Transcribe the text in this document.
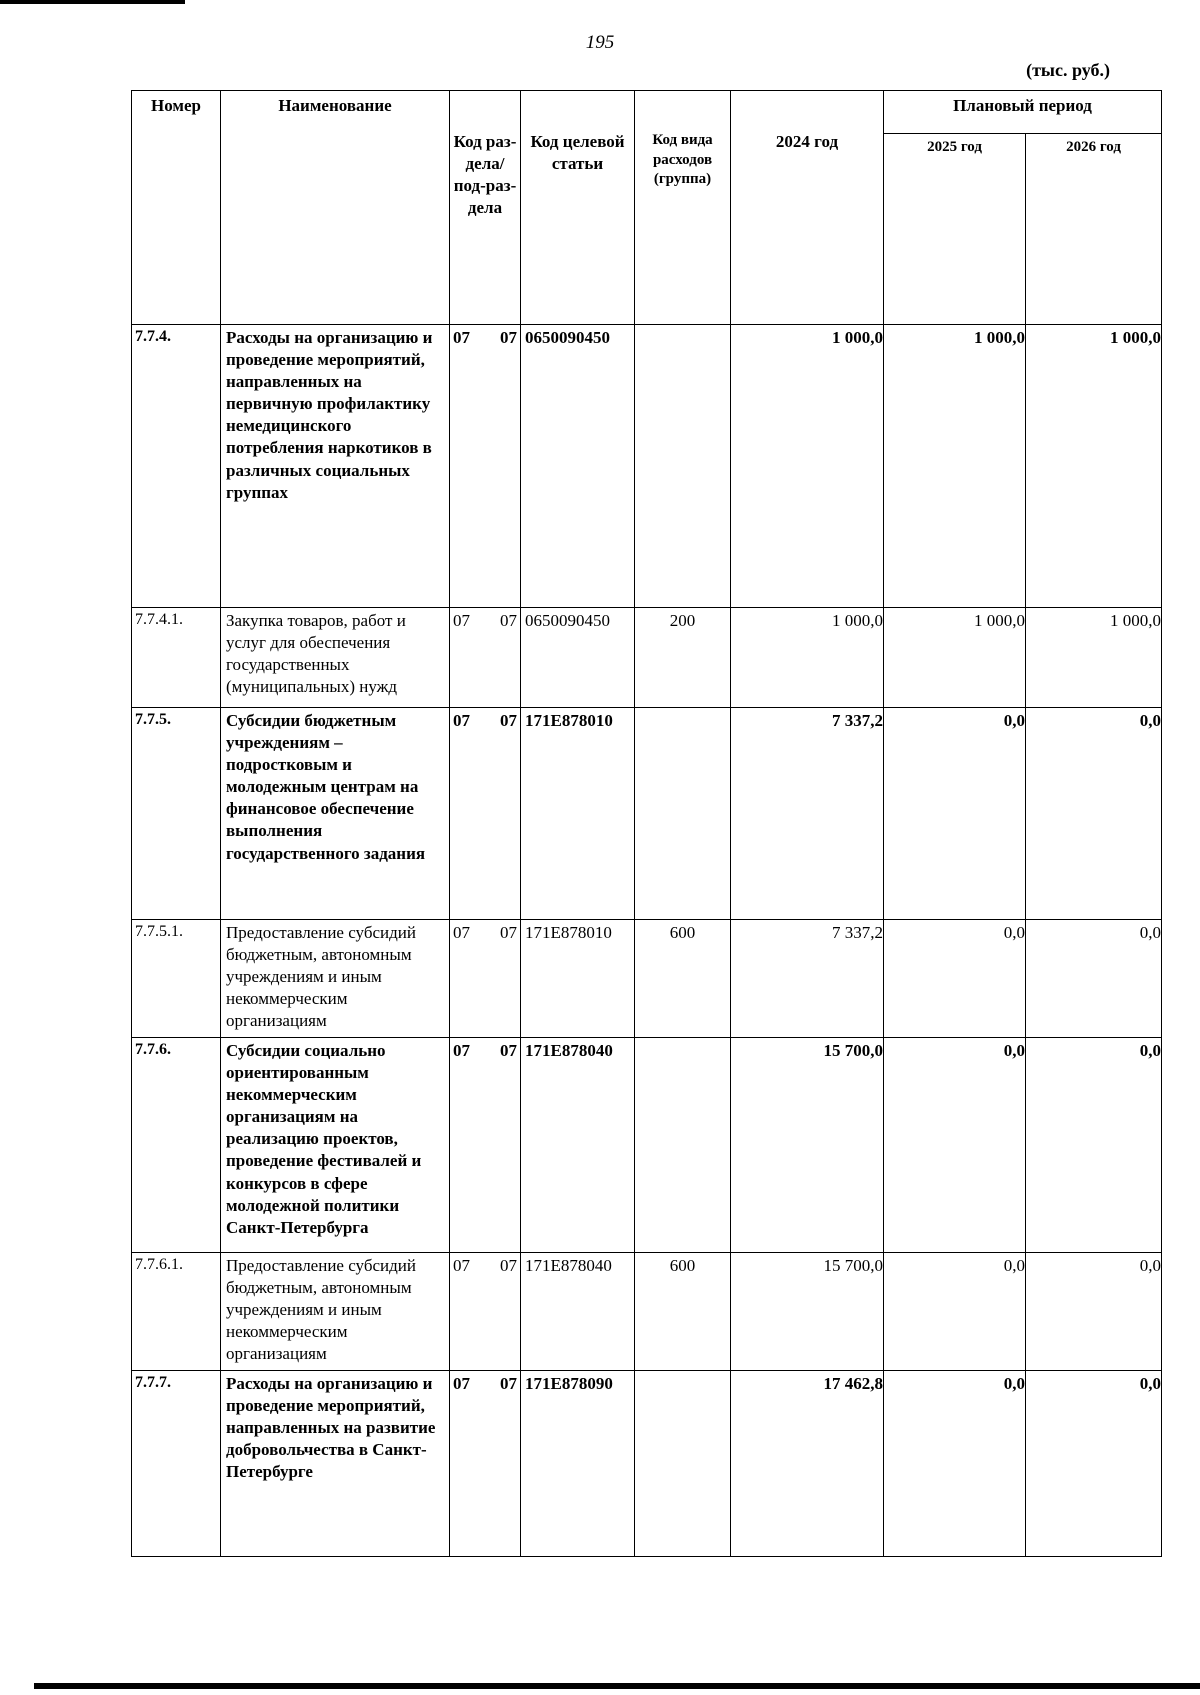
195
(тыс. руб.)
Номер	Наименование	Код раз-дела/ под-раз-дела	Код целевой статьи	Код вида расходов (группа)	2024 год	Плановый период	
						2025 год	2026 год
7.7.4.	Расходы на организацию и проведение мероприятий, направленных на первичную профилактику немедицинского потребления наркотиков в различных социальных группах	07 07	0650090450		1 000,0	1 000,0	1 000,0
7.7.4.1.	Закупка товаров, работ и услуг для обеспечения государственных (муниципальных) нужд	07 07	0650090450	200	1 000,0	1 000,0	1 000,0
7.7.5.	Субсидии бюджетным учреждениям – подростковым и молодежным центрам на финансовое обеспечение выполнения государственного задания	07 07	171E878010		7 337,2	0,0	0,0
7.7.5.1.	Предоставление субсидий бюджетным, автономным учреждениям и иным некоммерческим организациям	07 07	171E878010	600	7 337,2	0,0	0,0
7.7.6.	Субсидии социально ориентированным некоммерческим организациям на реализацию проектов, проведение фестивалей и конкурсов в сфере молодежной политики Санкт-Петербурга	07 07	171E878040		15 700,0	0,0	0,0
7.7.6.1.	Предоставление субсидий бюджетным, автономным учреждениям и иным некоммерческим организациям	07 07	171E878040	600	15 700,0	0,0	0,0
7.7.7.	Расходы на организацию и проведение мероприятий, направленных на развитие добровольчества в Санкт-Петербурге	07 07	171E878090		17 462,8	0,0	0,0
